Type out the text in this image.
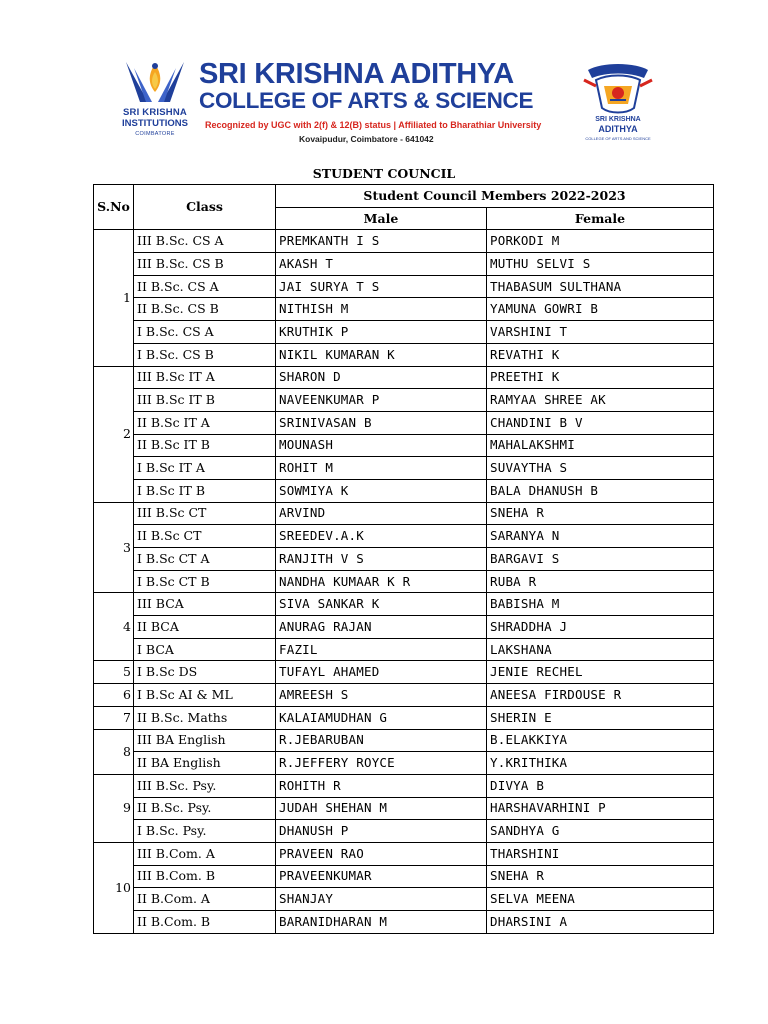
SRI KRISHNA
INSTITUTIONS
COIMBATORE
SRI KRISHNA ADITHYA
COLLEGE OF ARTS & SCIENCE
Recognized by UGC with 2(f) & 12(B) status | Affiliated to Bharathiar University
Kovaipudur, Coimbatore - 641042
SRI KRISHNA
ADITHYA
COLLEGE OF ARTS AND SCIENCE
STUDENT COUNCIL
S.No	Class	Student Council Members 2022-2023	
		Male	Female
1	III B.Sc. CS A	PREMKANTH I S	PORKODI M
	III B.Sc. CS B	AKASH T	MUTHU SELVI S
	II B.Sc. CS A	JAI SURYA T S	THABASUM SULTHANA
	II B.Sc. CS B	NITHISH M	YAMUNA GOWRI B
	I B.Sc. CS A	KRUTHIK P	VARSHINI T
	I B.Sc. CS B	NIKIL KUMARAN K	REVATHI K
2	III B.Sc IT A	SHARON D	PREETHI K
	III B.Sc IT B	NAVEENKUMAR P	RAMYAA SHREE AK
	II B.Sc IT A	SRINIVASAN B	CHANDINI B V
	II B.Sc IT B	MOUNASH	MAHALAKSHMI
	I B.Sc IT A	ROHIT M	SUVAYTHA S
	I B.Sc IT B	SOWMIYA K	BALA DHANUSH B
3	III B.Sc CT	ARVIND	SNEHA R
	II B.Sc CT	SREEDEV.A.K	SARANYA N
	I B.Sc CT A	RANJITH V S	BARGAVI S
	I B.Sc CT B	NANDHA KUMAAR K R	RUBA R
4	III BCA	SIVA SANKAR K	BABISHA M
	II BCA	ANURAG RAJAN	SHRADDHA J
	I BCA	FAZIL	LAKSHANA
5	I B.Sc DS	TUFAYL AHAMED	JENIE RECHEL
6	I B.Sc AI & ML	AMREESH S	ANEESA FIRDOUSE R
7	II B.Sc. Maths	KALAIAMUDHAN G	SHERIN E
8	III BA English	R.JEBARUBAN	B.ELAKKIYA
	II BA English	R.JEFFERY ROYCE	Y.KRITHIKA
9	III B.Sc. Psy.	ROHITH R	DIVYA B
	II B.Sc. Psy.	JUDAH SHEHAN M	HARSHAVARHINI P
	I B.Sc. Psy.	DHANUSH P	SANDHYA G
10	III B.Com. A	PRAVEEN RAO	THARSHINI
	III B.Com. B	PRAVEENKUMAR	SNEHA R
	II B.Com. A	SHANJAY	SELVA MEENA
	II B.Com. B	BARANIDHARAN M	DHARSINI A
